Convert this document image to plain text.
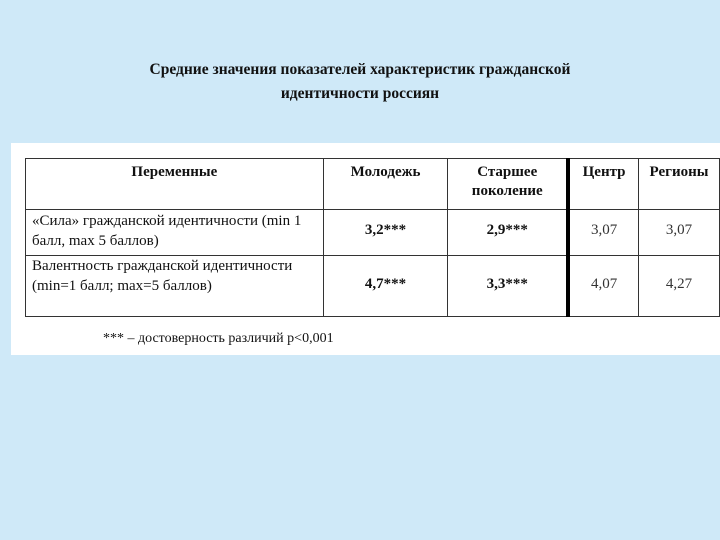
Средние значения показателей характеристик гражданской
идентичности россиян
Переменные	Молодежь	Старшее поколение	Центр	Регионы
«Сила» гражданской идентичности (min 1 балл, max 5 баллов)	3,2***	2,9***	3,07	3,07
Валентность гражданской идентичности (min=1 балл; max=5 баллов)	4,7***	3,3***	4,07	4,27
*** – достоверность различий p<0,001
